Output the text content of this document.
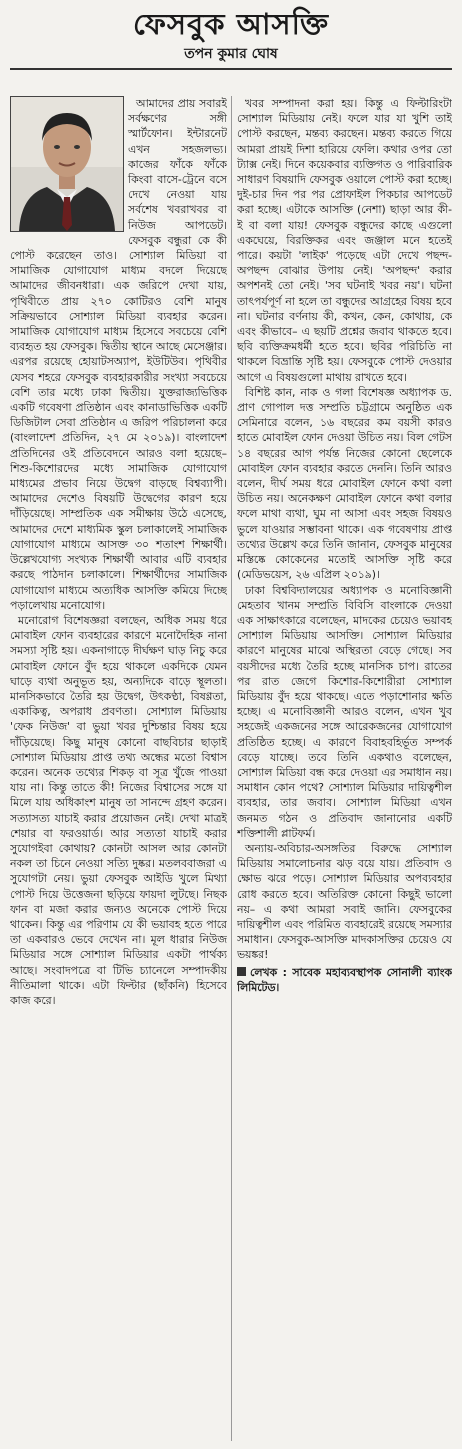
ফেসবুক আসক্তি
তপন কুমার ঘোষ

আমাদের প্রায় সবারই সর্বক্ষণের সঙ্গী স্মার্টফোন। ইন্টারনেট এখন সহজলভ্য। কাজের ফাঁকে ফাঁকে কিংবা বাসে-ট্রেনে বসে দেখে নেওয়া যায় সর্বশেষ খবরাখবর বা নিউজ আপডেট। ফেসবুক বন্ধুরা কে কী পোস্ট করেছেন তাও। সোশ্যাল মিডিয়া বা সামাজিক যোগাযোগ মাধ্যম বদলে দিয়েছে আমাদের জীবনধারা। এক জরিপে দেখা যায়, পৃথিবীতে প্রায় ২৭০ কোটিরও বেশি মানুষ সক্রিয়ভাবে সোশ্যাল মিডিয়া ব্যবহার করেন। সামাজিক যোগাযোগ মাধ্যম হিসেবে সবচেয়ে বেশি ব্যবহৃত হয় ফেসবুক। দ্বিতীয় স্থানে আছে মেসেঞ্জার। এরপর রয়েছে হোয়াটসঅ্যাপ, ইউটিউব। পৃথিবীর যেসব শহরে ফেসবুক ব্যবহারকারীর সংখ্যা সবচেয়ে বেশি তার মধ্যে ঢাকা দ্বিতীয়। যুক্তরাজ্যভিত্তিক একটি গবেষণা প্রতিষ্ঠান এবং কানাডাভিত্তিক একটি ডিজিটাল সেবা প্রতিষ্ঠান এ জরিপ পরিচালনা করে (বাংলাদেশ প্রতিদিন, ২৭ মে ২০১৯)। বাংলাদেশ প্রতিদিনের ওই প্রতিবেদনে আরও বলা হয়েছে– শিশু-কিশোরদের মধ্যে সামাজিক যোগাযোগ মাধ্যমের প্রভাব নিয়ে উদ্বেগ বাড়ছে বিশ্বব্যাপী। আমাদের দেশেও বিষয়টি উদ্বেগের কারণ হয়ে দাঁড়িয়েছে। সাম্প্রতিক এক সমীক্ষায় উঠে এসেছে, আমাদের দেশে মাধ্যমিক স্কুল চলাকালেই সামাজিক যোগাযোগ মাধ্যমে আসক্ত ৩০ শতাংশ শিক্ষার্থী। উল্লেখযোগ্য সংখ্যক শিক্ষার্থী আবার এটি ব্যবহার করছে পাঠদান চলাকালে। শিক্ষার্থীদের সামাজিক যোগাযোগ মাধ্যমে অত্যধিক আসক্তি কমিয়ে দিচ্ছে পড়ালেখায় মনোযোগ।

মনোরোগ বিশেষজ্ঞরা বলছেন, অধিক সময় ধরে মোবাইল ফোন ব্যবহারের কারণে মনোদৈহিক নানা সমস্যা সৃষ্টি হয়। একনাগাড়ে দীর্ঘক্ষণ ঘাড় নিচু করে মোবাইল ফোনে বুঁদ হয়ে থাকলে একদিকে যেমন ঘাড়ে ব্যথা অনুভূত হয়, অন্যদিকে বাড়ে স্থূলতা। মানসিকভাবে তৈরি হয় উদ্বেগ, উৎকণ্ঠা, বিষণ্ণতা, একাকিত্ব, অপরাধ প্রবণতা। সোশ্যাল মিডিয়ায় 'ফেক নিউজ' বা ভুয়া খবর দুশ্চিন্তার বিষয় হয়ে দাঁড়িয়েছে। কিছু মানুষ কোনো বাছবিচার ছাড়াই সোশ্যাল মিডিয়ায় প্রাপ্ত তথ্য অন্ধের মতো বিশ্বাস করেন। অনেক তথ্যের শিকড় বা সূত্র খুঁজে পাওয়া যায় না। কিন্তু তাতে কী! নিজের বিশ্বাসের সঙ্গে যা মিলে যায় অধিকাংশ মানুষ তা সানন্দে গ্রহণ করেন। সত্যাসত্য যাচাই করার প্রয়োজন নেই। দেখা মাত্রই শেয়ার বা ফরওয়ার্ড। আর সত্যতা যাচাই করার সুযোগইবা কোথায়? কোনটা আসল আর কোনটা নকল তা চিনে নেওয়া সত্যি দুষ্কর। মতলববাজরা এ সুযোগটা নেয়। ভুয়া ফেসবুক আইডি খুলে মিথ্যা পোস্ট দিয়ে উত্তেজনা ছড়িয়ে ফায়দা লুটছে। নিছক ফান বা মজা করার জন্যও অনেকে পোস্ট দিয়ে থাকেন। কিন্তু এর পরিণাম যে কী ভয়াবহ হতে পারে তা একবারও ভেবে দেখেন না। মূল ধারার নিউজ মিডিয়ার সঙ্গে সোশ্যাল মিডিয়ার একটা পার্থক্য আছে। সংবাদপত্রে বা টিভি চ্যানেলে সম্পাদকীয় নীতিমালা থাকে। এটা ফিল্টার (ছাঁকনি) হিসেবে কাজ করে।

খবর সম্পাদনা করা হয়। কিন্তু এ ফিল্টারিংটা সোশ্যাল মিডিয়ায় নেই। ফলে যার যা খুশি তাই পোস্ট করছেন, মন্তব্য করছেন। মন্তব্য করতে গিয়ে আমরা প্রায়ই দিশা হারিয়ে ফেলি। কথার ওপর তো ট্যাক্স নেই। দিনে কয়েকবার ব্যক্তিগত ও পারিবারিক সাধারণ বিষয়াদি ফেসবুক ওয়ালে পোস্ট করা হচ্ছে। দুই-চার দিন পর পর প্রোফাইল পিকচার আপডেট করা হচ্ছে। এটাকে আসক্তি (নেশা) ছাড়া আর কী-ই বা বলা যায়! ফেসবুক বন্ধুদের কাছে এগুলো একঘেয়ে, বিরক্তিকর এবং জঞ্জাল মনে হতেই পারে। কয়টা 'লাইক' পড়েছে এটা দেখে পছন্দ-অপছন্দ বোঝার উপায় নেই। 'অপছন্দ' করার অপশনই তো নেই। 'সব ঘটনাই খবর নয়'। ঘটনা তাৎপর্যপূর্ণ না হলে তা বন্ধুদের আগ্রহের বিষয় হবে না। ঘটনার বর্ণনায় কী, কখন, কেন, কোথায়, কে এবং কীভাবে– এ ছয়টি প্রশ্নের জবাব থাকতে হবে। ছবি ব্যক্তিক্রমধর্মী হতে হবে। ছবির পরিচিতি না থাকলে বিভ্রান্তি সৃষ্টি হয়। ফেসবুকে পোস্ট দেওয়ার আগে এ বিষয়গুলো মাথায় রাখতে হবে।

বিশিষ্ট কান, নাক ও গলা বিশেষজ্ঞ অধ্যাপক ড. প্রাণ গোপাল দত্ত সম্প্রতি চট্টগ্রামে অনুষ্ঠিত এক সেমিনারে বলেন, ১৬ বছরের কম বয়সী কারও হাতে মোবাইল ফোন দেওয়া উচিত নয়। বিল গেটস ১৪ বছরের আগ পর্যন্ত নিজের কোনো ছেলেকে মোবাইল ফোন ব্যবহার করতে দেননি। তিনি আরও বলেন, দীর্ঘ সময় ধরে মোবাইল ফোনে কথা বলা উচিত নয়। অনেকক্ষণ মোবাইল ফোনে কথা বলার ফলে মাথা ব্যথা, ঘুম না আসা এবং সহজ বিষয়ও ভুলে যাওয়ার সম্ভাবনা থাকে। এক গবেষণায় প্রাপ্ত তথ্যের উল্লেখ করে তিনি জানান, ফেসবুক মানুষের মস্তিষ্কে কোকেনের মতোই আসক্তি সৃষ্টি করে (মেডিভয়েস, ২৬ এপ্রিল ২০১৯)।

ঢাকা বিশ্ববিদ্যালয়ের অধ্যাপক ও মনোবিজ্ঞানী মেহতাব খানম সম্প্রতি বিবিসি বাংলাকে দেওয়া এক সাক্ষাৎকারে বলেছেন, মাদকের চেয়েও ভয়াবহ সোশ্যাল মিডিয়ায় আসক্তি। সোশ্যাল মিডিয়ার কারণে মানুষের মাঝে অস্থিরতা বেড়ে গেছে। সব বয়সীদের মধ্যে তৈরি হচ্ছে মানসিক চাপ। রাতের পর রাত জেগে কিশোর-কিশোরীরা সোশ্যাল মিডিয়ায় বুঁদ হয়ে থাকছে। এতে পড়াশোনার ক্ষতি হচ্ছে। এ মনোবিজ্ঞানী আরও বলেন, এখন খুব সহজেই একজনের সঙ্গে আরেকজনের যোগাযোগ প্রতিষ্ঠিত হচ্ছে। এ কারণে বিবাহবহির্ভূত সম্পর্ক বেড়ে যাচ্ছে। তবে তিনি একথাও বলেছেন, সোশ্যাল মিডিয়া বন্ধ করে দেওয়া এর সমাধান নয়। সমাধান কোন পথে? সোশ্যাল মিডিয়ার দায়িত্বশীল ব্যবহার, তার জবাব। সোশ্যাল মিডিয়া এখন জনমত গঠন ও প্রতিবাদ জানানোর একটি শক্তিশালী প্লাটফর্ম।

অন্যায়-অবিচার-অসঙ্গতির বিরুদ্ধে সোশ্যাল মিডিয়ায় সমালোচনার ঝড় বয়ে যায়। প্রতিবাদ ও ক্ষোভ ঝরে পড়ে। সোশ্যাল মিডিয়ার অপব্যবহার রোধ করতে হবে। অতিরিক্ত কোনো কিছুই ভালো নয়– এ কথা আমরা সবাই জানি। ফেসবুকের দায়িত্বশীল এবং পরিমিত ব্যবহারেই রয়েছে সমস্যার সমাধান। ফেসবুক-আসক্তি মাদকাসক্তির চেয়েও যে ভয়ঙ্কর!

লেখক : সাবেক মহাব্যবস্থাপক সোনালী ব্যাংক লিমিটেড।
